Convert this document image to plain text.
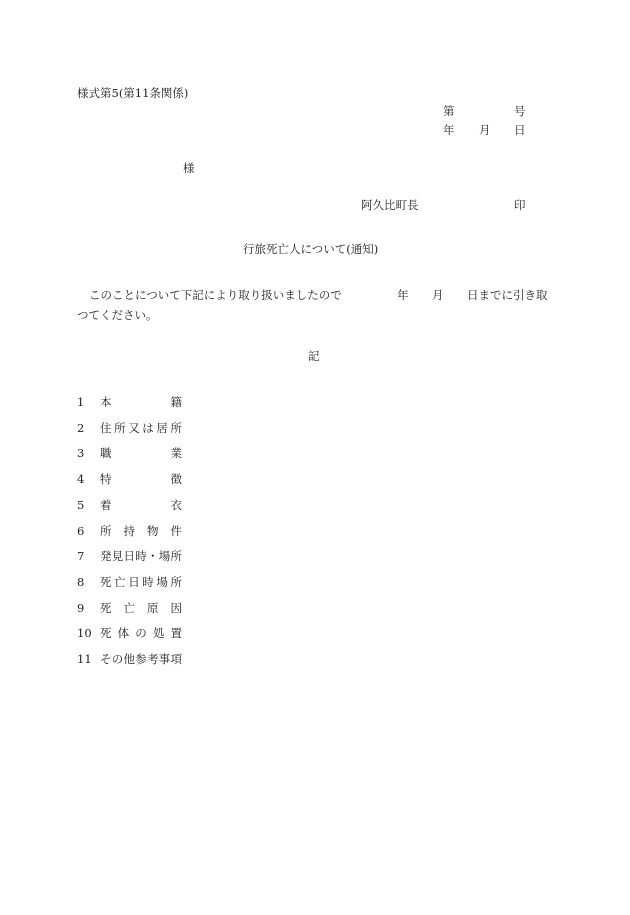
様式第5(第11条関係)
第	号
年 月 日
様
阿久比町長	印
行旅死亡人について(通知)
このことについて下記により取り扱いましたので	年 月 日までに引き取
つてください。
記
1 本	籍
2 住 所 又 は 居 所
3 職	業
4 特	徴
5 着	衣
6 所 持 物 件
7 発 見 日 時 ・ 場 所
8 死 亡 日 時 場 所
9 死 亡 原 因
10 死 体 の 処 置
11 そ の 他 参 考 事 項
